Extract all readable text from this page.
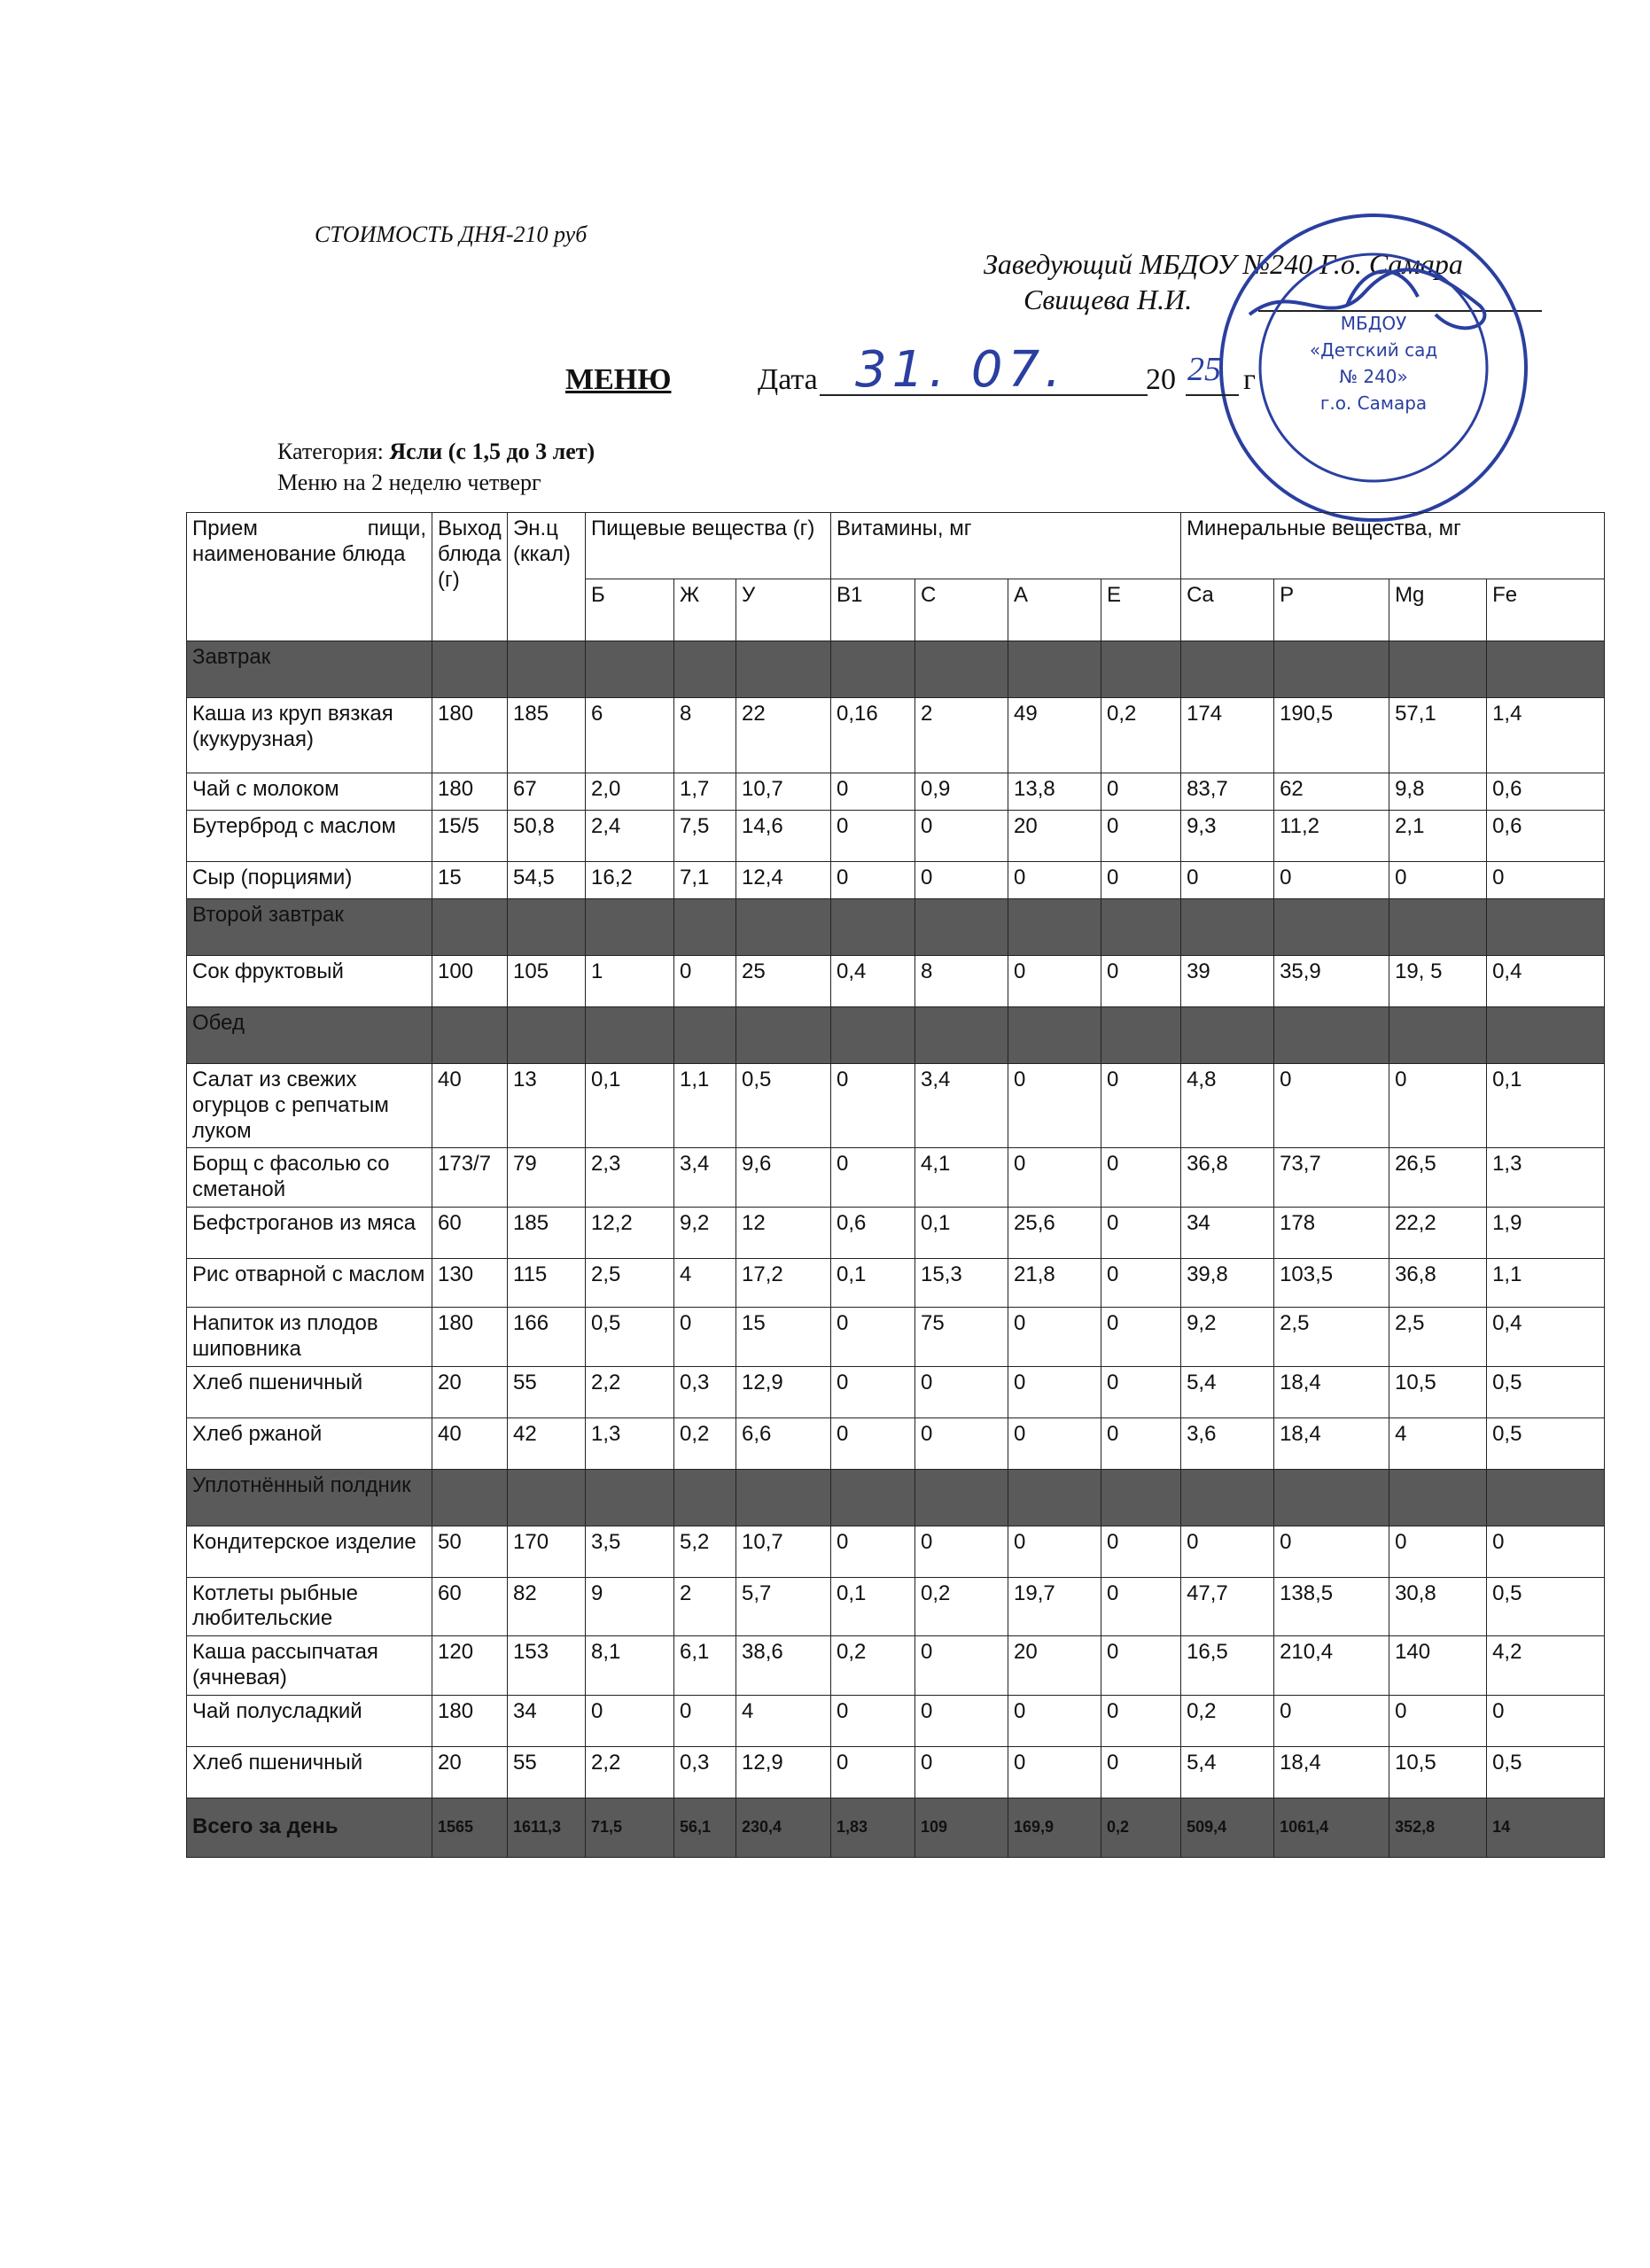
СТОИМОСТЬ ДНЯ-210 руб
Заведующий МБДОУ №240 Г.о. Самара
Свищева Н.И.
МБДОУ
«Детский сад
№ 240»
г.о. Самара
МЕНЮ	Дата 31. 07.	20 25 г
Категория: Ясли (с 1,5 до 3 лет)
Меню на 2 неделю четверг
Прием пищи, наименование блюда	Выход блюда (г)	Эн.ц (ккал)	Пищевые вещества (г)			Витамины, мг				Минеральные вещества, мг			
			Б	Ж	У	В1	С	А	Е	Ca	P	Mg	Fe
Завтрак													
Каша из круп вязкая (кукурузная)	180	185	6	8	22	0,16	2	49	0,2	174	190,5	57,1	1,4
Чай с молоком	180	67	2,0	1,7	10,7	0	0,9	13,8	0	83,7	62	9,8	0,6
Бутерброд с маслом	15/5	50,8	2,4	7,5	14,6	0	0	20	0	9,3	11,2	2,1	0,6
Сыр (порциями)	15	54,5	16,2	7,1	12,4	0	0	0	0	0	0	0	0
Второй завтрак													
Сок фруктовый	100	105	1	0	25	0,4	8	0	0	39	35,9	19, 5	0,4
Обед													
Салат из свежих огурцов с репчатым луком	40	13	0,1	1,1	0,5	0	3,4	0	0	4,8	0	0	0,1
Борщ с фасолью со сметаной	173/7	79	2,3	3,4	9,6	0	4,1	0	0	36,8	73,7	26,5	1,3
Бефстроганов из мяса	60	185	12,2	9,2	12	0,6	0,1	25,6	0	34	178	22,2	1,9
Рис отварной с маслом	130	115	2,5	4	17,2	0,1	15,3	21,8	0	39,8	103,5	36,8	1,1
Напиток из плодов шиповника	180	166	0,5	0	15	0	75	0	0	9,2	2,5	2,5	0,4
Хлеб пшеничный	20	55	2,2	0,3	12,9	0	0	0	0	5,4	18,4	10,5	0,5
Хлеб ржаной	40	42	1,3	0,2	6,6	0	0	0	0	3,6	18,4	4	0,5
Уплотнённый полдник													
Кондитерское изделие	50	170	3,5	5,2	10,7	0	0	0	0	0	0	0	0
Котлеты рыбные любительские	60	82	9	2	5,7	0,1	0,2	19,7	0	47,7	138,5	30,8	0,5
Каша рассыпчатая (ячневая)	120	153	8,1	6,1	38,6	0,2	0	20	0	16,5	210,4	140	4,2
Чай полусладкий	180	34	0	0	4	0	0	0	0	0,2	0	0	0
Хлеб пшеничный	20	55	2,2	0,3	12,9	0	0	0	0	5,4	18,4	10,5	0,5
Всего за день	1565	1611,3	71,5	56,1	230,4	1,83	109	169,9	0,2	509,4	1061,4	352,8	14
